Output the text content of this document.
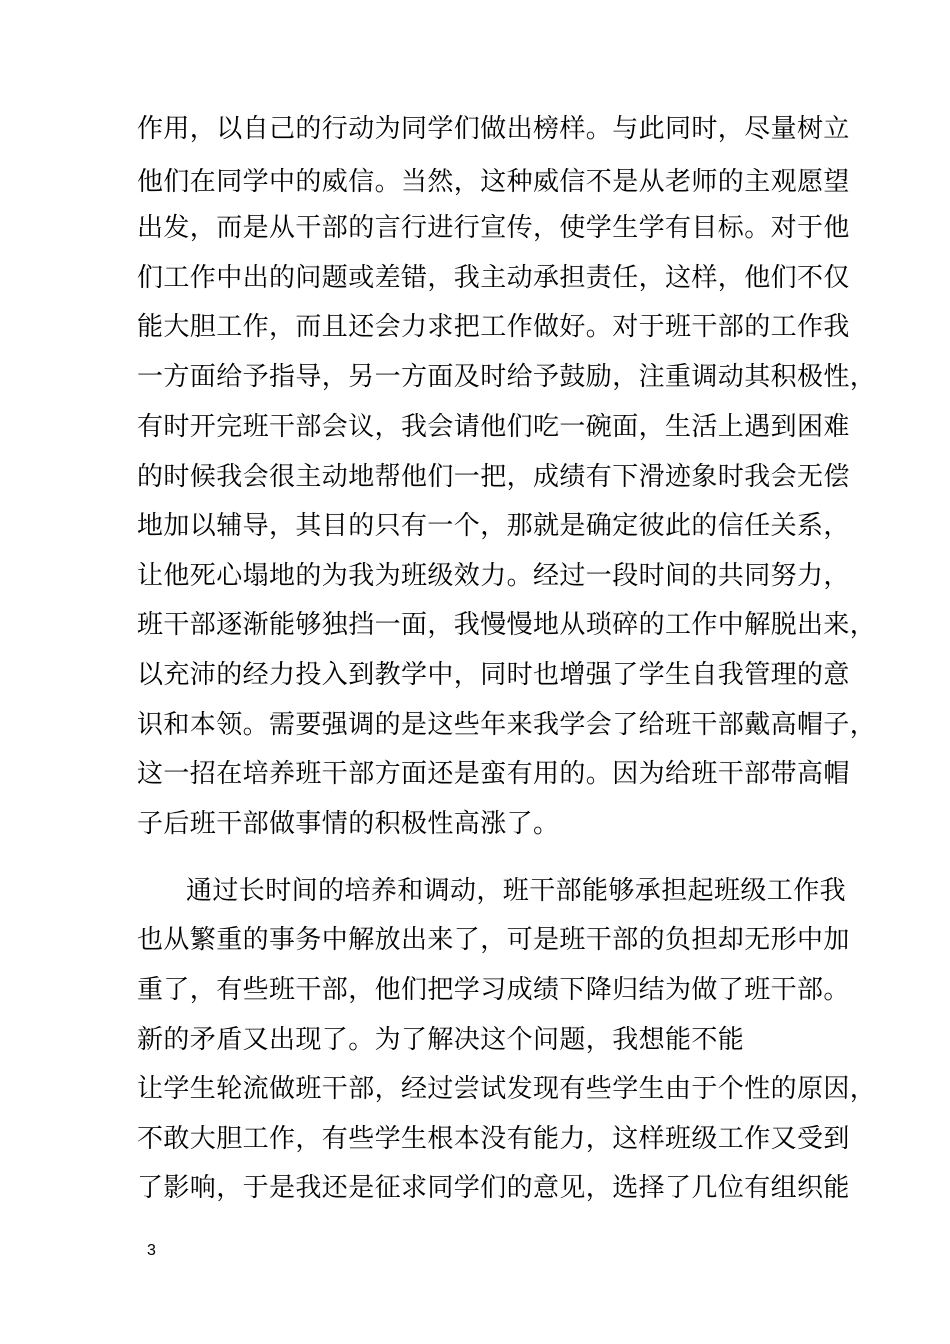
作用，以自己的行动为同学们做出榜样。与此同时，尽量树立
他们在同学中的威信。当然，这种威信不是从老师的主观愿望
出发，而是从干部的言行进行宣传，使学生学有目标。对于他
们工作中出的问题或差错，我主动承担责任，这样，他们不仅
能大胆工作，而且还会力求把工作做好。对于班干部的工作我
一方面给予指导，另一方面及时给予鼓励，注重调动其积极性，
有时开完班干部会议，我会请他们吃一碗面，生活上遇到困难
的时候我会很主动地帮他们一把，成绩有下滑迹象时我会无偿
地加以辅导，其目的只有一个，那就是确定彼此的信任关系，
让他死心塌地的为我为班级效力。经过一段时间的共同努力，
班干部逐渐能够独挡一面，我慢慢地从琐碎的工作中解脱出来，
以充沛的经力投入到教学中，同时也增强了学生自我管理的意
识和本领。需要强调的是这些年来我学会了给班干部戴高帽子，
这一招在培养班干部方面还是蛮有用的。因为给班干部带高帽
子后班干部做事情的积极性高涨了。
通过长时间的培养和调动，班干部能够承担起班级工作我
也从繁重的事务中解放出来了，可是班干部的负担却无形中加
重了，有些班干部，他们把学习成绩下降归结为做了班干部。
新的矛盾又出现了。为了解决这个问题，我想能不能
让学生轮流做班干部，经过尝试发现有些学生由于个性的原因，
不敢大胆工作，有些学生根本没有能力，这样班级工作又受到
了影响，于是我还是征求同学们的意见，选择了几位有组织能
3
